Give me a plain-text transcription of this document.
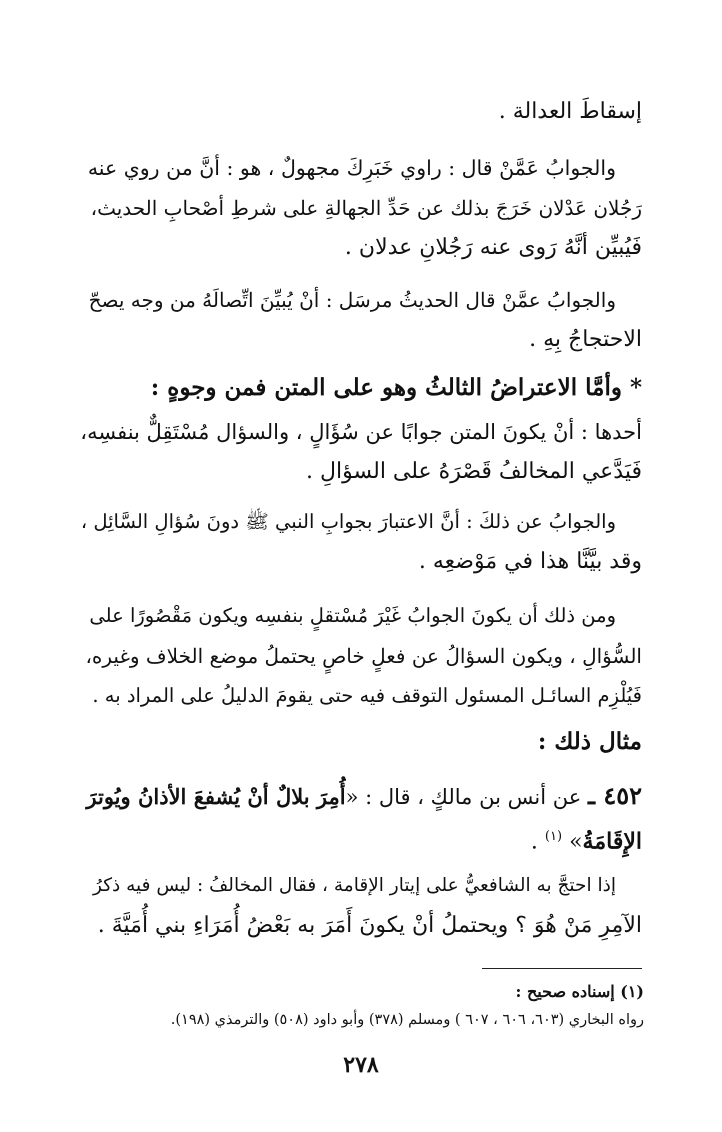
إسقاطَ العدالة .
والجوابُ عَمَّنْ قال : راوي خَبَرِكَ مجهولٌ ، هو : أنَّ من روي عنه
رَجُلان عَدْلان خَرَجَ بذلك عن حَدِّ الجهالةِ على شرطِ أصْحابِ الحديث،
فَيُبيِّن أنَّهُ رَوى عنه رَجُلانِ عدلان .
والجوابُ عمَّنْ قال الحديثُ مرسَل : أنْ يُبيِّنَ اتِّصالَهُ من وجه يصحّ
الاحتجاجُ بِهِ .
* وأمَّا الاعتراضُ الثالثُ وهو على المتن فمن وجوهٍ :
أحدها : أنْ يكونَ المتن جوابًا عن سُؤَالٍ ، والسؤال مُسْتَقِلٌّ بنفسِه،
فَيَدَّعي المخالفُ قَصْرَهُ على السؤالِ .
والجوابُ عن ذلكَ : أنَّ الاعتبارَ بجوابِ النبي ﷺ دونَ سُؤالِ السَّائِل ،
وقد بيَّنَّا هذا في مَوْضعِه .
ومن ذلك أن يكونَ الجوابُ غَيْرَ مُسْتقلٍ بنفسِه ويكون مَقْصُورًا على
السُّؤالِ ، ويكون السؤالُ عن فعلٍ خاصٍ يحتملُ موضع الخلاف وغيره،
فَيُلْزِم السائـل المسئول التوقف فيه حتى يقومَ الدليلُ على المراد به .
مثال ذلك :
٤٥٢ ـ عن أنس بن مالكٍ ، قال : «أُمِرَ بلالٌ أنْ يُشفعَ الأذانُ ويُوترَ
الإِقَامَةُ» $^{(١)}$ .
إذا احتجَّ به الشافعيُّ على إيتار الإقامة ، فقال المخالفُ : ليس فيه ذكرُ
الآمِرِ مَنْ هُوَ ؟ ويحتملُ أنْ يكونَ أَمَرَ به بَعْضُ أُمَرَاءِ بني أُمَيَّةَ .
(١) إسناده صحيح :
رواه البخاري (٦٠٣، ٦٠٦ ، ٦٠٧ ) ومسلم (٣٧٨) وأبو داود (٥٠٨) والترمذي (١٩٨).
٢٧٨
